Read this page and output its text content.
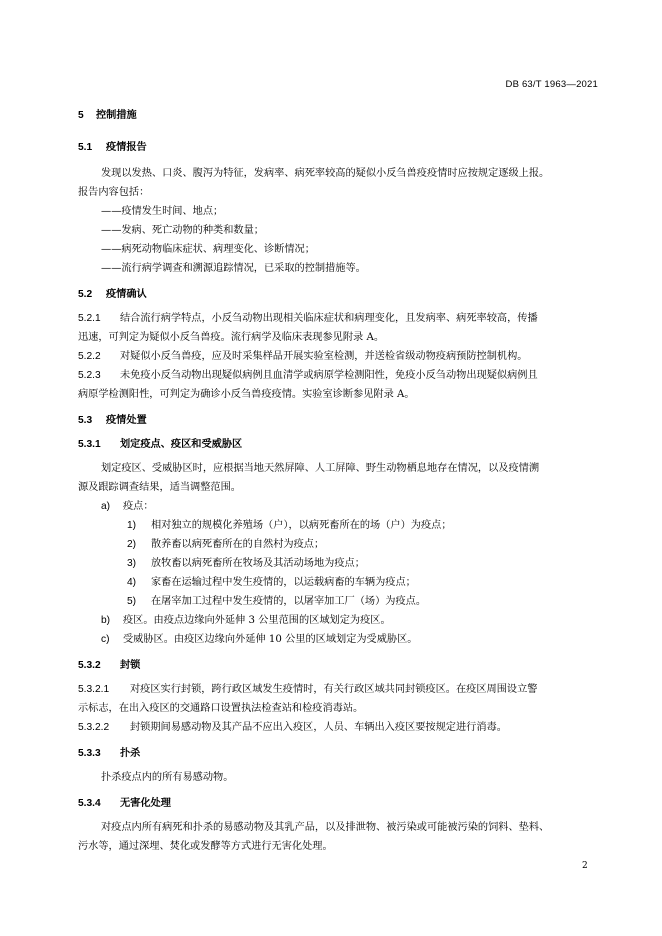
DB 63/T 1963—2021
5 控制措施
5.1 疫情报告
发现以发热、口炎、腹泻为特征，发病率、病死率较高的疑似小反刍兽疫疫情时应按规定逐级上报。
报告内容包括：
——疫情发生时间、地点；
——发病、死亡动物的种类和数量；
——病死动物临床症状、病理变化、诊断情况；
——流行病学调查和溯源追踪情况，已采取的控制措施等。
5.2 疫情确认
5.2.1 结合流行病学特点，小反刍动物出现相关临床症状和病理变化，且发病率、病死率较高，传播
迅速，可判定为疑似小反刍兽疫。流行病学及临床表现参见附录 A。
5.2.2 对疑似小反刍兽疫，应及时采集样品开展实验室检测，并送检省级动物疫病预防控制机构。
5.2.3 未免疫小反刍动物出现疑似病例且血清学或病原学检测阳性，免疫小反刍动物出现疑似病例且
病原学检测阳性，可判定为确诊小反刍兽疫疫情。实验室诊断参见附录 A。
5.3 疫情处置
5.3.1 划定疫点、疫区和受威胁区
划定疫区、受威胁区时，应根据当地天然屏障、人工屏障、野生动物栖息地存在情况，以及疫情溯
源及跟踪调查结果，适当调整范围。
a) 疫点：
1) 相对独立的规模化养殖场（户），以病死畜所在的场（户）为疫点；
2) 散养畜以病死畜所在的自然村为疫点；
3) 放牧畜以病死畜所在牧场及其活动场地为疫点；
4) 家畜在运输过程中发生疫情的，以运载病畜的车辆为疫点；
5) 在屠宰加工过程中发生疫情的，以屠宰加工厂（场）为疫点。
b) 疫区。由疫点边缘向外延伸 3 公里范围的区域划定为疫区。
c) 受威胁区。由疫区边缘向外延伸 10 公里的区域划定为受威胁区。
5.3.2 封锁
5.3.2.1 对疫区实行封锁，跨行政区域发生疫情时，有关行政区域共同封锁疫区。在疫区周围设立警
示标志，在出入疫区的交通路口设置执法检查站和检疫消毒站。
5.3.2.2 封锁期间易感动物及其产品不应出入疫区，人员、车辆出入疫区要按规定进行消毒。
5.3.3 扑杀
扑杀疫点内的所有易感动物。
5.3.4 无害化处理
对疫点内所有病死和扑杀的易感动物及其乳产品，以及排泄物、被污染或可能被污染的饲料、垫料、
污水等，通过深埋、焚化或发酵等方式进行无害化处理。
2
